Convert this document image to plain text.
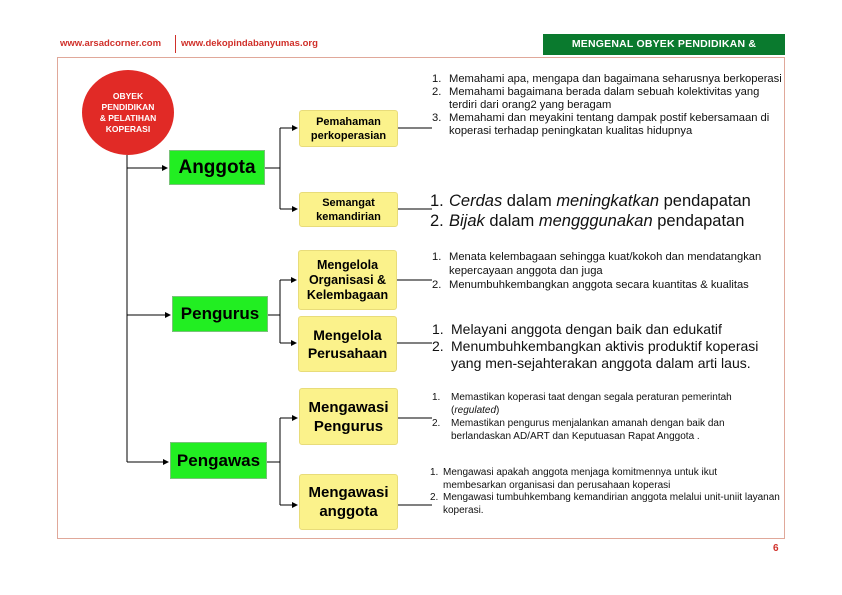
www.arsadcorner.com www.dekopindabanyumas.org	MENGENAL OBYEK PENDIDIKAN & PELATIHAN
OBYEK
PENDIDIKAN
& PELATIHAN
KOPERASI
Anggota
Pengurus
Pengawas
Pemahaman
perkoperasian
Semangat
kemandirian
Mengelola
Organisasi &
Kelembagaan
Mengelola
Perusahaan
Mengawasi
Pengurus
Mengawasi
anggota
1. Memahami apa, mengapa dan bagaimana seharusnya berkoperasi
2. Memahami bagaimana berada dalam sebuah kolektivitas yang terdiri dari orang2 yang beragam
3. Memahami dan meyakini tentang dampak postif kebersamaan di koperasi terhadap peningkatan kualitas hidupnya
1. Cerdas dalam meningkatkan pendapatan
2. Bijak dalam mengggunakan pendapatan
1. Menata kelembagaan sehingga kuat/kokoh dan mendatangkan kepercayaan anggota dan juga
2. Menumbuhkembangkan anggota secara kuantitas & kualitas
1. Melayani anggota dengan baik dan edukatif
2. Menumbuhkembangkan aktivis produktif koperasi yang men-sejahterakan anggota dalam arti laus.
1.	Memastikan koperasi taat dengan segala peraturan pemerintah (regulated)
2.	Memastikan pengurus menjalankan amanah dengan baik dan berlandaskan AD/ART dan Keputuasan Rapat Anggota .
1. Mengawasi apakah anggota menjaga komitmennya untuk ikut membesarkan organisasi dan perusahaan koperasi
2. Mengawasi tumbuhkembang kemandirian anggota melalui unit-uniit layanan koperasi.
6
